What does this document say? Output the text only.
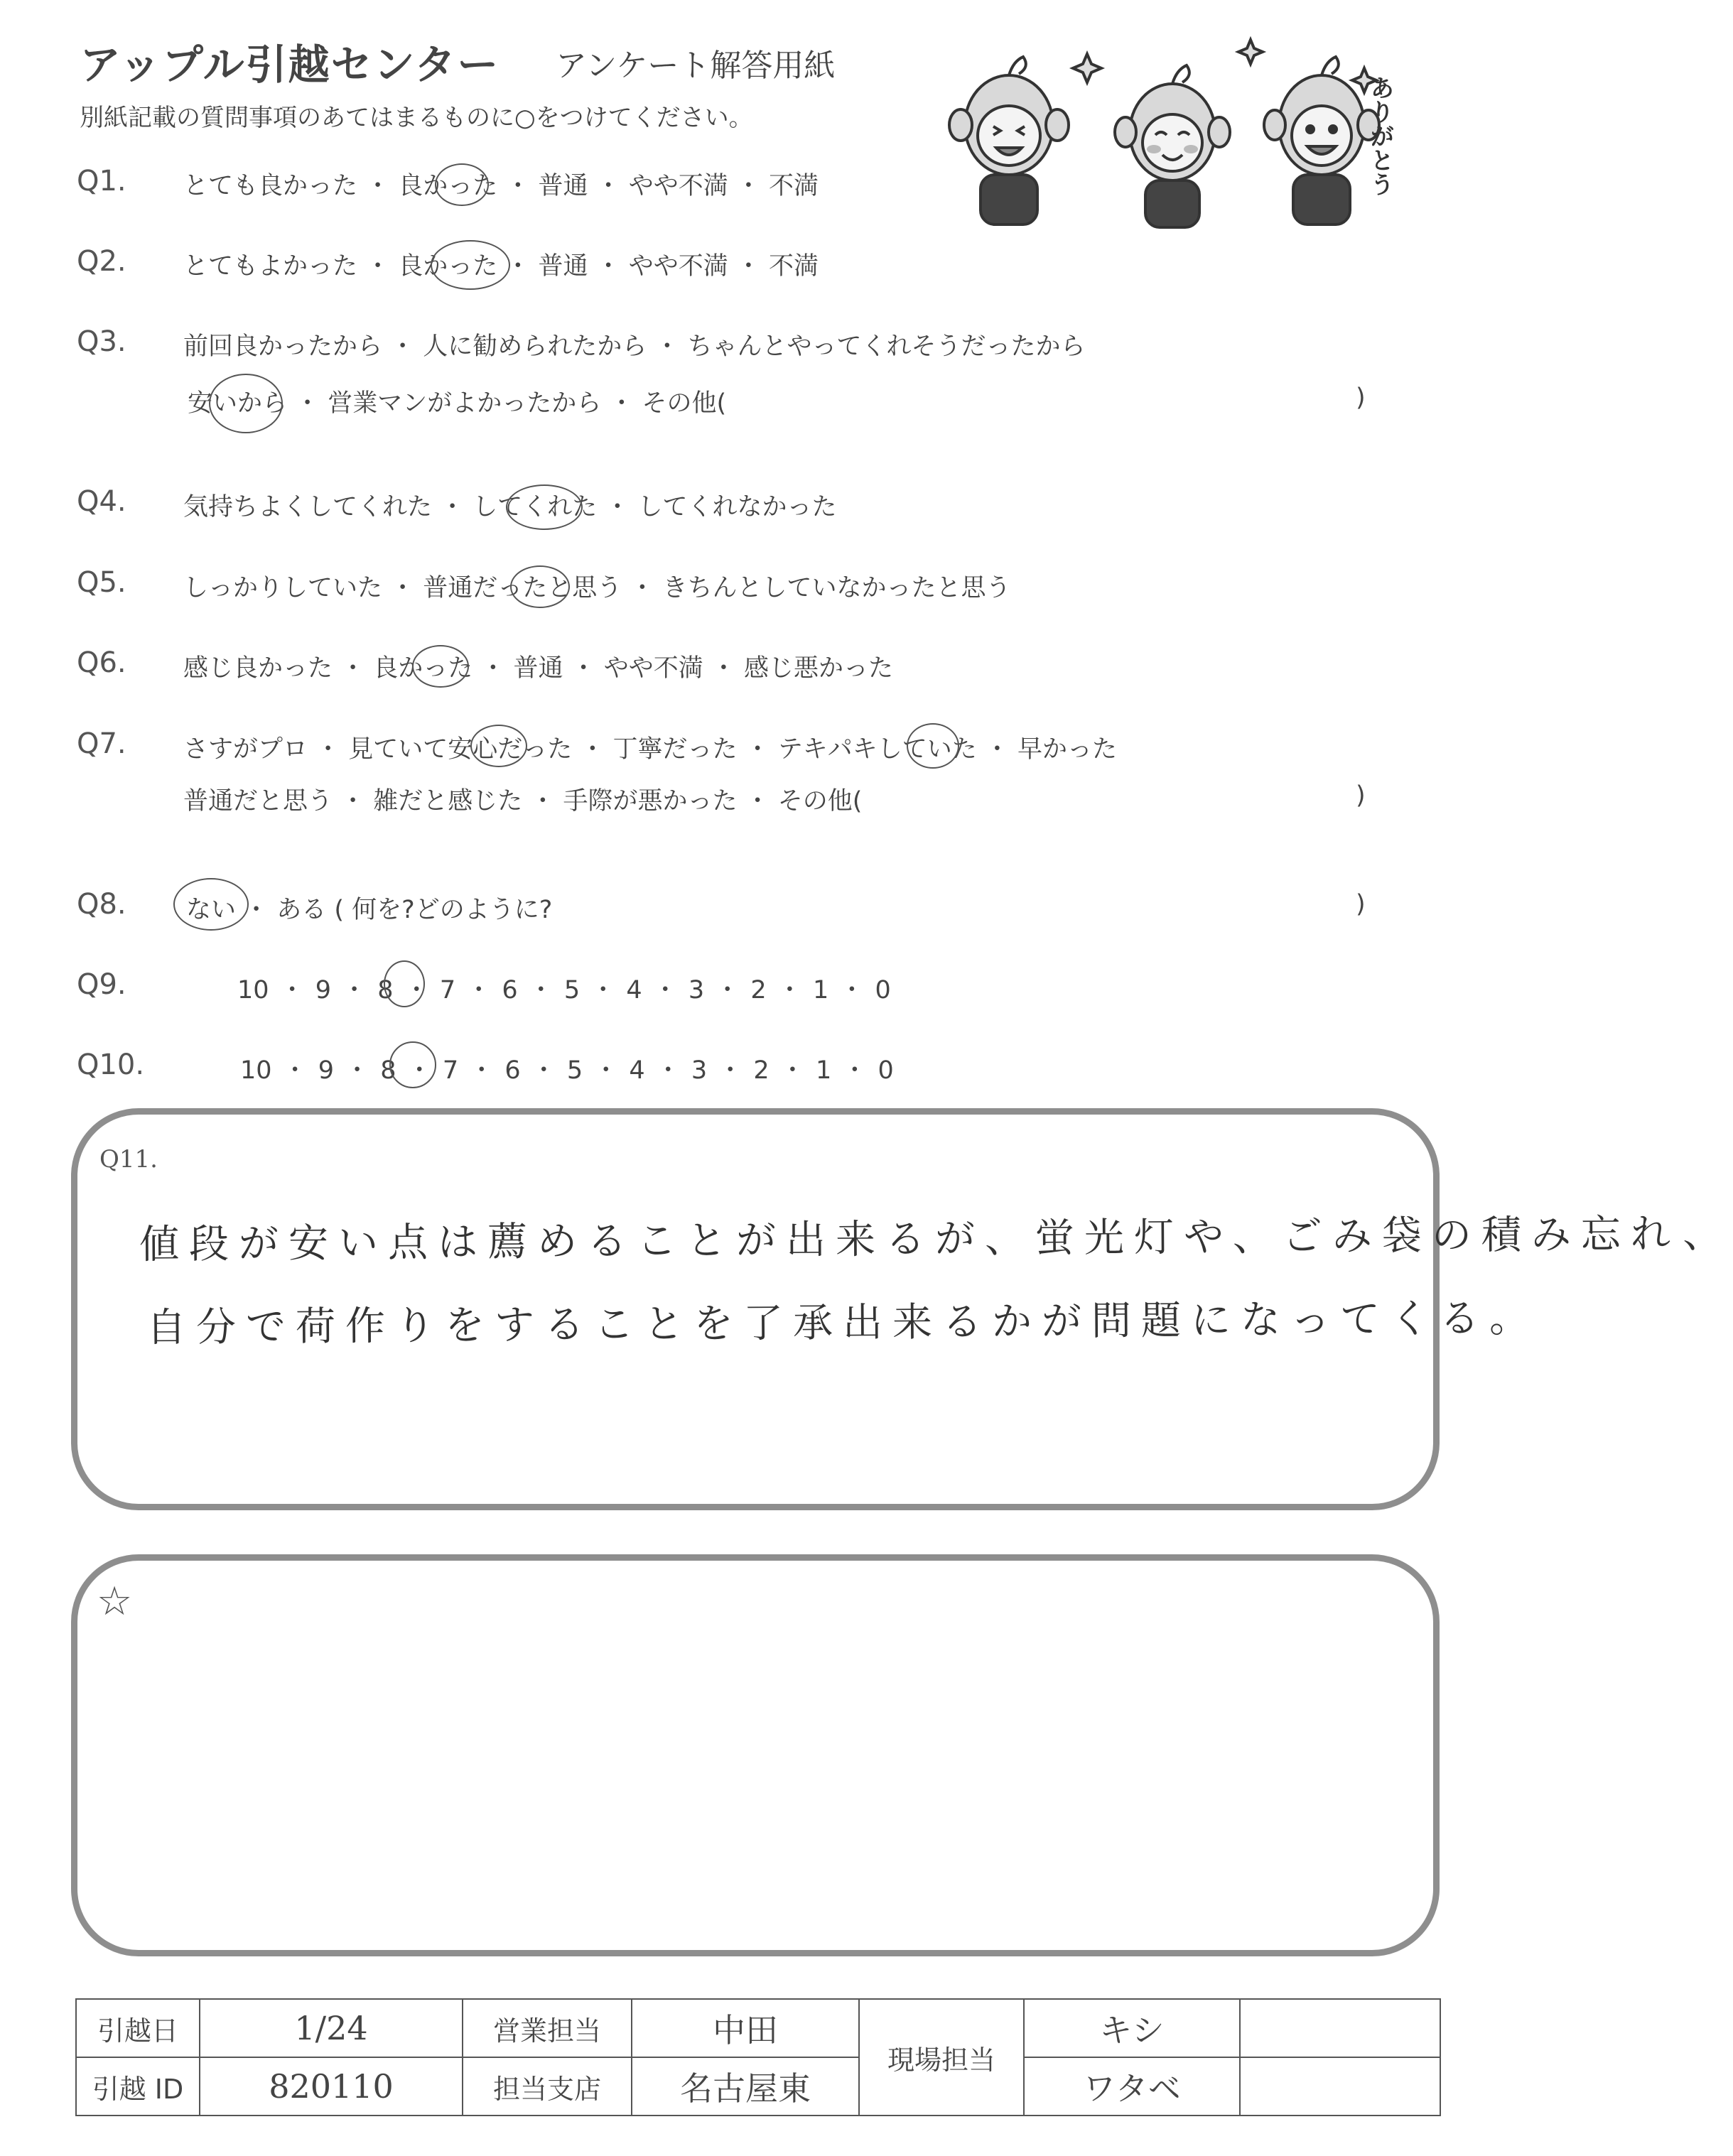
アップル引越センター アンケート解答用紙
別紙記載の質問事項のあてはまるものに○をつけてください。	ありがとう
Q1. とても良かった ・ 良かった ・ 普通 ・ やや不満 ・ 不満
Q2. とてもよかった ・ 良かった ・ 普通 ・ やや不満 ・ 不満
Q3. 前回良かったから ・ 人に勧められたから ・ ちゃんとやってくれそうだったから
安いから ・ 営業マンがよかったから ・ その他(	)
Q4. 気持ちよくしてくれた ・ してくれた ・ してくれなかった
Q5. しっかりしていた ・ 普通だったと思う ・ きちんとしていなかったと思う
Q6. 感じ良かった ・ 良かった ・ 普通 ・ やや不満 ・ 感じ悪かった
Q7. さすがプロ ・ 見ていて安心だった ・ 丁寧だった ・ テキパキしていた ・ 早かった
普通だと思う ・ 雑だと感じた ・ 手際が悪かった ・ その他(	)
Q8. ない ・ ある ( 何を?どのように?	)
Q9.	10 ・ 9 ・ 8 ・ 7 ・ 6 ・ 5 ・ 4 ・ 3 ・ 2 ・ 1 ・ 0
Q10.	10 ・ 9 ・ 8 ・ 7 ・ 6 ・ 5 ・ 4 ・ 3 ・ 2 ・ 1 ・ 0
Q11.
値段が安い点は薦めることが出来るが、蛍光灯や、ごみ袋の積み忘れ、
自分で荷作りをすることを了承出来るかが問題になってくる。
☆
引越日	1/24	営業担当	中田	現場担当	キシ	
引越 ID	820110	担当支店	名古屋東		ワタベ	
